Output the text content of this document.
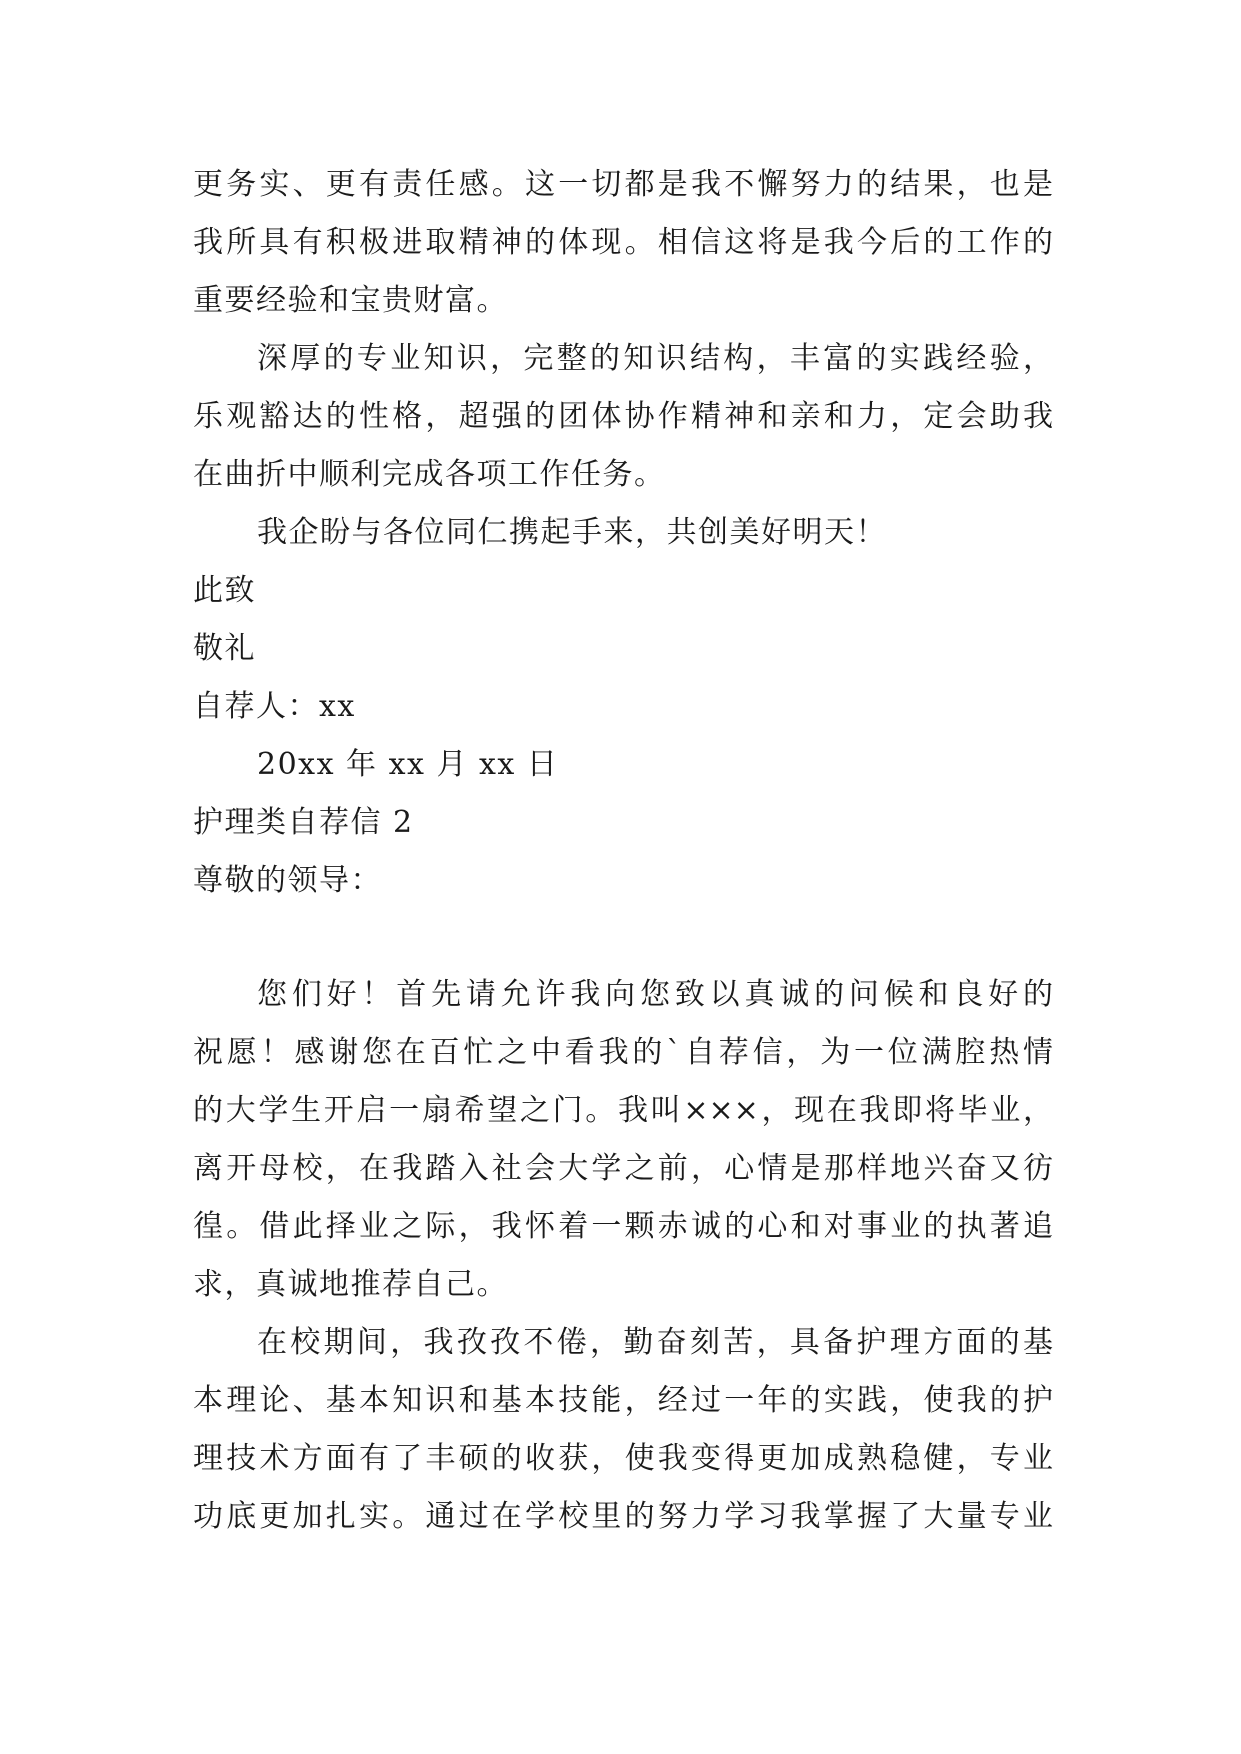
更务实、更有责任感。这一切都是我不懈努力的结果，也是
我所具有积极进取精神的体现。相信这将是我今后的工作的
重要经验和宝贵财富。
深厚的专业知识，完整的知识结构，丰富的实践经验，
乐观豁达的性格，超强的团体协作精神和亲和力，定会助我
在曲折中顺利完成各项工作任务。
我企盼与各位同仁携起手来，共创美好明天！
此致
敬礼
自荐人：xx
20xx 年 xx 月 xx 日
护理类自荐信 2
尊敬的领导：
您们好！首先请允许我向您致以真诚的问候和良好的
祝愿！感谢您在百忙之中看我的`自荐信，为一位满腔热情
的大学生开启一扇希望之门。我叫×××，现在我即将毕业，
离开母校，在我踏入社会大学之前，心情是那样地兴奋又彷
徨。借此择业之际，我怀着一颗赤诚的心和对事业的执著追
求，真诚地推荐自己。
在校期间，我孜孜不倦，勤奋刻苦，具备护理方面的基
本理论、基本知识和基本技能，经过一年的实践，使我的护
理技术方面有了丰硕的收获，使我变得更加成熟稳健，专业
功底更加扎实。通过在学校里的努力学习我掌握了大量专业
